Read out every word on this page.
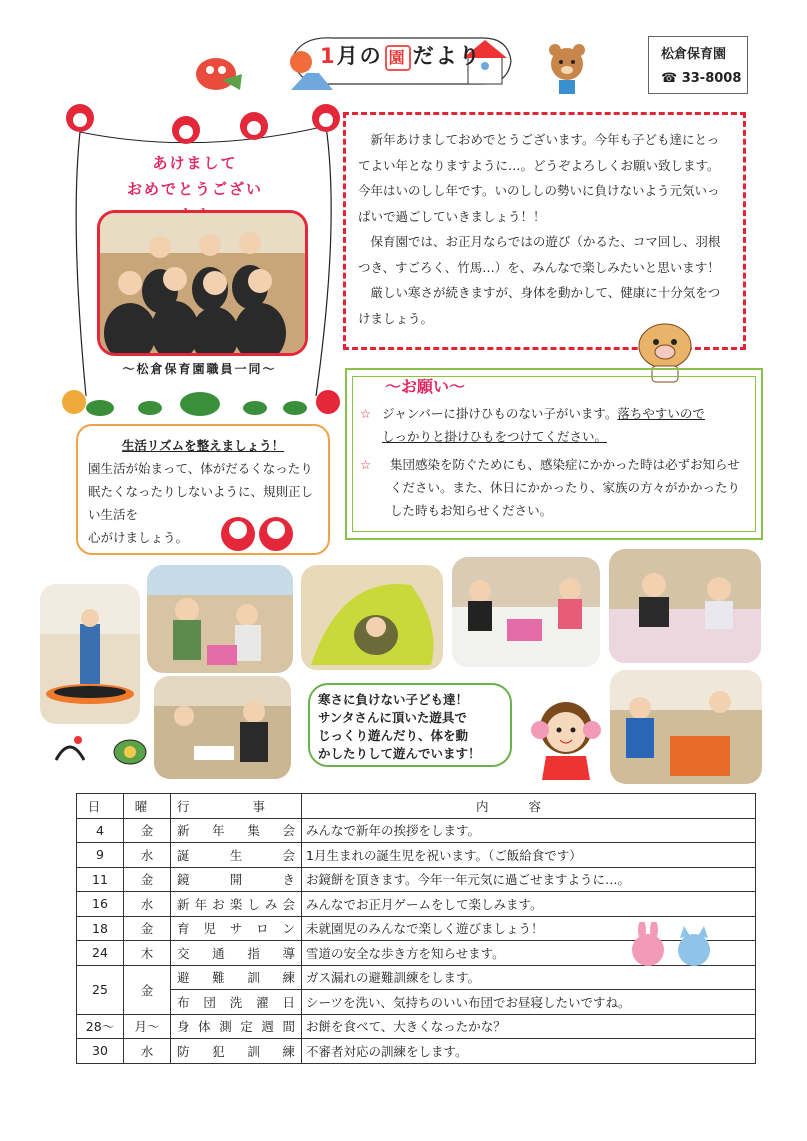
1月の 園 だより	松倉保育園
☎ 33-8008
あけまして
おめでとうござい
～松倉保育園職員一同～

新年あけましておめでとうございます。今年も子ども達にとってよい年となりますように…。どうぞよろしくお願い致します。今年はいのしし年です。いのししの勢いに負けないよう元気いっぱいで過ごしていきましょう！！

保育園では、お正月ならではの遊び（かるた、コマ回し、羽根つき、すごろく、竹馬…）を、みんなで楽しみたいと思います！

厳しい寒さが続きますが、身体を動かして、健康に十分気をつけましょう。

～お願い～
☆ ジャンバーに掛けひものない子がいます。落ちやすいので
しっかりと掛けひもをつけてください。
☆	集団感染を防ぐためにも、感染症にかかった時は必ずお知らせください。また、休日にかかったり、家族の方々がかかったりした時もお知らせください。
生活リズムを整えましょう！
園生活が始まって、体がだるくなったり眠たくなったりしないように、規則正しい生活を
心がけましょう。
寒さに負けない子ども達！
サンタさんに頂いた遊具で
じっくり遊んだり、体を動
かしたりして遊んでいます！
日	曜	行事	内容
4	金	新年集会	みんなで新年の挨拶をします。
9	水	誕生会	1月生まれの誕生児を祝います。（ご飯給食です）
11	金	鏡開き	お鏡餅を頂きます。今年一年元気に過ごせますように…。
16	水	新年お楽しみ会	みんなでお正月ゲームをして楽しみます。
18	金	育児サロン	未就園児のみんなで楽しく遊びましょう！
24	木	交通指導	雪道の安全な歩き方を知らせます。
25	金	避難訓練	ガス漏れの避難訓練をします。
		布団洗濯日	シーツを洗い、気持ちのいい布団でお昼寝したいですね。
28～	月～	身体測定週間	お餅を食べて、大きくなったかな？
30	水	防犯訓練	不審者対応の訓練をします。
